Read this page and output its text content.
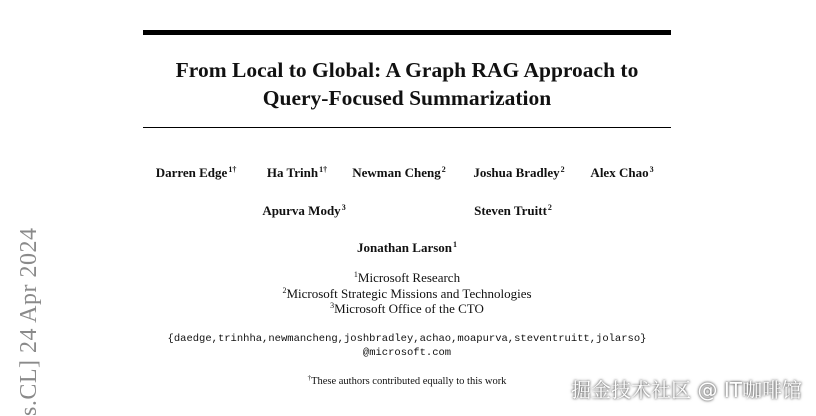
From Local to Global: A Graph RAG Approach to
Query-Focused Summarization
Darren Edge$^{1\dagger}$ Ha Trinh$^{1\dagger}$ Newman Cheng$^2$ Joshua Bradley$^2$ Alex Chao$^3$
Apurva Mody$^3$	Steven Truitt$^2$
Jonathan Larson$^1$
$^1$Microsoft Research
$^2$Microsoft Strategic Missions and Technologies
$^3$Microsoft Office of the CTO
{daedge,trinhha,newmancheng,joshbradley,achao,moapurva,steventruitt,jolarso}
@microsoft.com
†These authors contributed equally to this work
s.CL] 24 Apr 2024	掘金技术社区 @ IT咖啡馆
